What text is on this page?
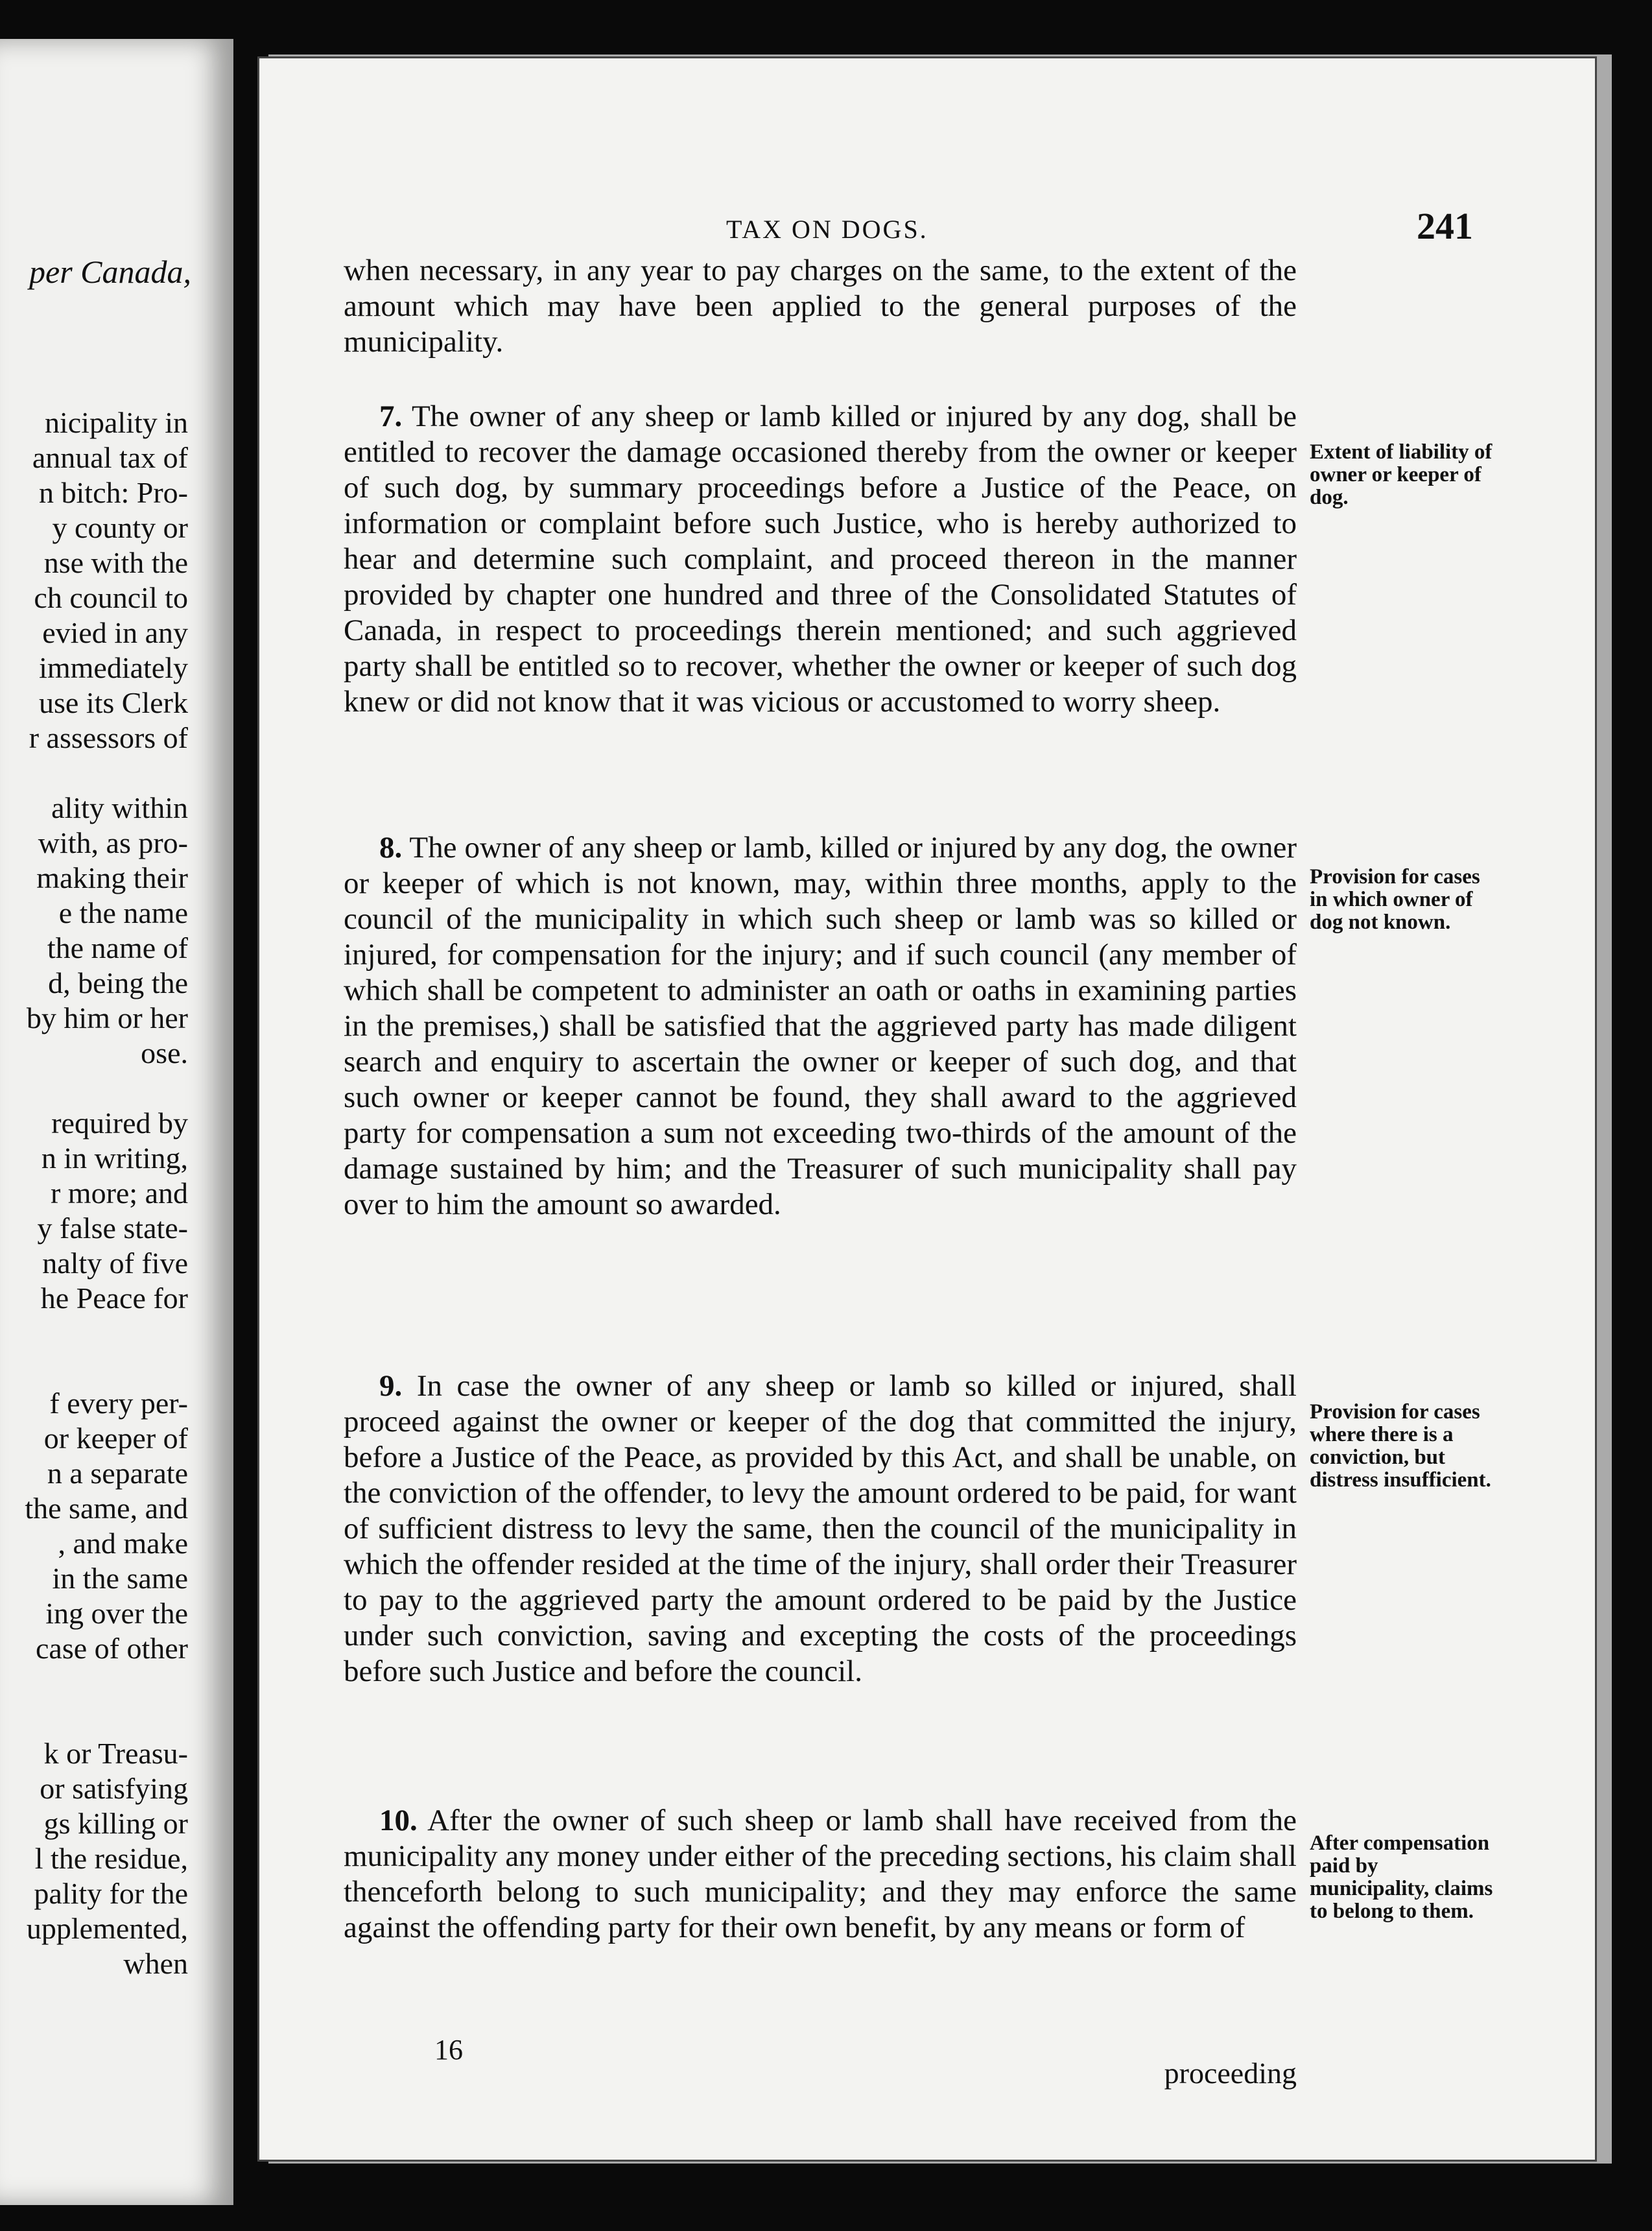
per Canada,
nicipality in
annual tax of
n bitch: Pro-
y county or
nse with the
ch council to
evied in any
immediately
use its Clerk
r assessors of
ality within
with, as pro-
making their
e the name
the name of
d, being the
by him or her
ose.
required by
n in writing,
r more; and
y false state-
nalty of five
he Peace for
f every per-
or keeper of
n a separate
the same, and
, and make
in the same
ing over the
case of other
k or Treasu-
or satisfying
gs killing or
l the residue,
pality for the
upplemented,
when
TAX ON DOGS.	241
when necessary, in any year to pay charges on the same, to the extent of the amount which may have been applied to the general purposes of the municipality.
7. The owner of any sheep or lamb killed or injured by any dog, shall be entitled to recover the damage occasioned thereby from the owner or keeper of such dog, by summary proceedings before a Justice of the Peace, on information or complaint before such Justice, who is hereby authorized to hear and determine such complaint, and proceed thereon in the manner provided by chapter one hundred and three of the Consolidated Statutes of Canada, in respect to proceedings therein mentioned; and such aggrieved party shall be entitled so to recover, whether the owner or keeper of such dog knew or did not know that it was vicious or accustomed to worry sheep.
Extent of liability of owner or keeper of dog.
8. The owner of any sheep or lamb, killed or injured by any dog, the owner or keeper of which is not known, may, within three months, apply to the council of the municipality in which such sheep or lamb was so killed or injured, for compensation for the injury; and if such council (any member of which shall be competent to administer an oath or oaths in examining parties in the premises,) shall be satisfied that the aggrieved party has made diligent search and enquiry to ascertain the owner or keeper of such dog, and that such owner or keeper cannot be found, they shall award to the aggrieved party for compensation a sum not exceeding two-thirds of the amount of the damage sustained by him; and the Treasurer of such municipality shall pay over to him the amount so awarded.
Provision for cases in which owner of dog not known.
9. In case the owner of any sheep or lamb so killed or injured, shall proceed against the owner or keeper of the dog that committed the injury, before a Justice of the Peace, as provided by this Act, and shall be unable, on the conviction of the offender, to levy the amount ordered to be paid, for want of sufficient distress to levy the same, then the council of the municipality in which the offender resided at the time of the injury, shall order their Treasurer to pay to the aggrieved party the amount ordered to be paid by the Justice under such conviction, saving and excepting the costs of the proceedings before such Justice and before the council.
Provision for cases where there is a conviction, but distress insufficient.
10. After the owner of such sheep or lamb shall have received from the municipality any money under either of the preceding sections, his claim shall thenceforth belong to such municipality; and they may enforce the same against the offending party for their own benefit, by any means or form of
After compensation paid by municipality, claims to belong to them.
16
proceeding
